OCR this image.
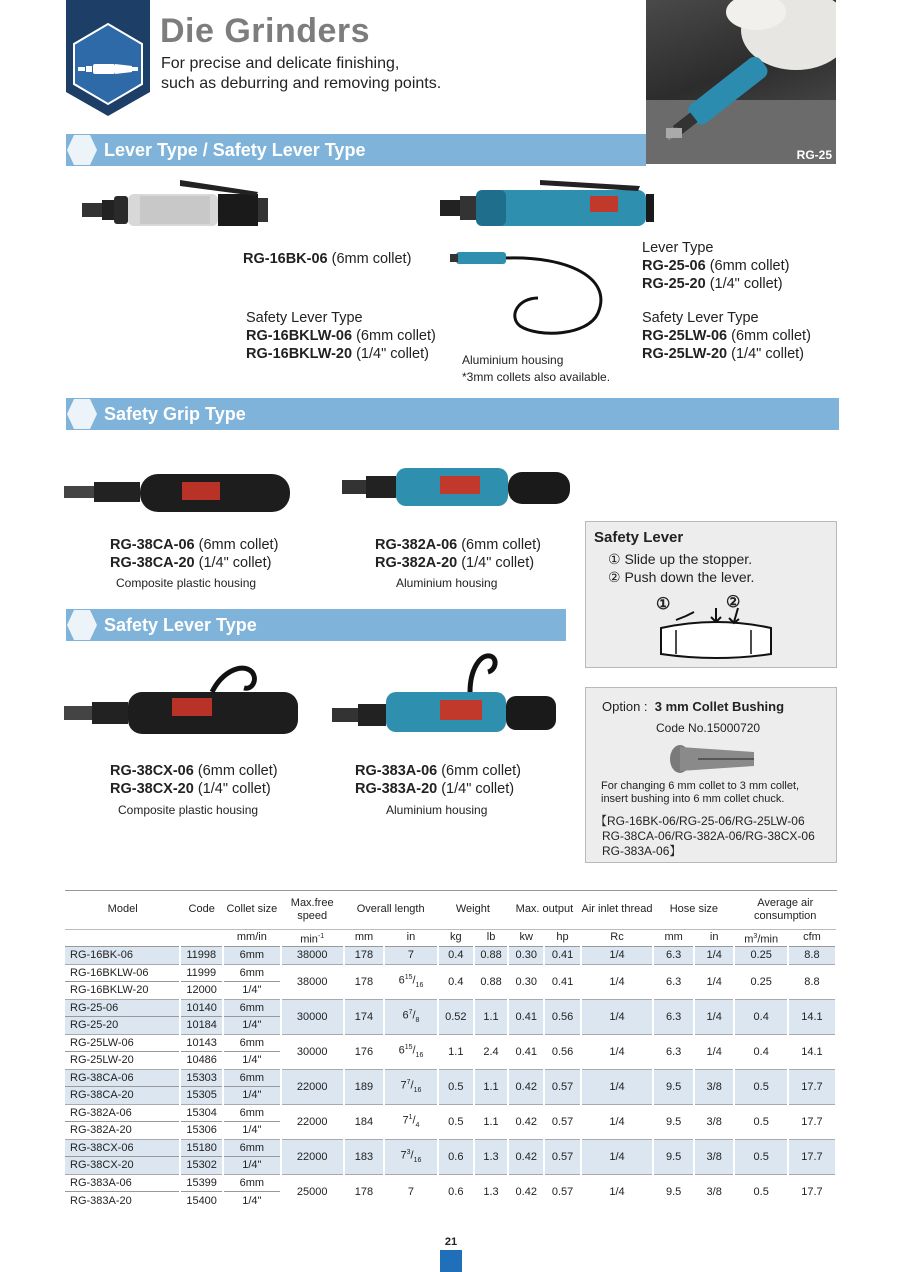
Die Grinders
For precise and delicate finishing,
such as deburring and removing points.
RG-25
Lever Type / Safety Lever Type
RG-16BK-06 (6mm collet)
Safety Lever Type
RG-16BKLW-06 (6mm collet)
RG-16BKLW-20 (1/4" collet)	Aluminium housing
*3mm collets also available.
Lever Type
RG-25-06 (6mm collet)
RG-25-20 (1/4" collet)
Safety Lever Type
RG-25LW-06 (6mm collet)
RG-25LW-20 (1/4" collet)
Safety Grip Type
RG-38CA-06 (6mm collet)
RG-38CA-20 (1/4" collet)
Composite plastic housing
RG-382A-06 (6mm collet)
RG-382A-20 (1/4" collet)
Aluminium housing
Safety Lever
① Slide up the stopper.
② Push down the lever.
①	②
Safety Lever Type
RG-38CX-06 (6mm collet)
RG-38CX-20 (1/4" collet)
Composite plastic housing
RG-383A-06 (6mm collet)
RG-383A-20 (1/4" collet)
Aluminium housing
Option : 3 mm Collet Bushing
Code No.15000720
For changing 6 mm collet to 3 mm collet,
insert bushing into 6 mm collet chuck.
【RG-16BK-06/RG-25-06/RG-25LW-06
RG-38CA-06/RG-382A-06/RG-38CX-06
RG-383A-06】
Model	Code	Collet size	Max.free speed	Overall length		Weight		Max. output		Air inlet thread	Hose size		Average air consumption	
		mm/in	$\min^{-1}$	mm	in	kg	lb	kw	hp	Rc	mm	in	$m^3/\min$	cfm
RG-16BK-06	11998	6mm	38000	178	7	0.4	0.88	0.30	0.41	1/4	6.3	1/4	0.25	8.8
RG-16BKLW-06	11999	6mm	38000	178	$6^{15}/_{16}$	0.4	0.88	0.30	0.41	1/4	6.3	1/4	0.25	8.8
RG-16BKLW-20	12000	1/4"												
RG-25-06	10140	6mm	30000	174	$6^7/_8$	0.52	1.1	0.41	0.56	1/4	6.3	1/4	0.4	14.1
RG-25-20	10184	1/4"												
RG-25LW-06	10143	6mm	30000	176	$6^{15}/_{16}$	1.1	2.4	0.41	0.56	1/4	6.3	1/4	0.4	14.1
RG-25LW-20	10486	1/4"												
RG-38CA-06	15303	6mm	22000	189	$7^7/_{16}$	0.5	1.1	0.42	0.57	1/4	9.5	3/8	0.5	17.7
RG-38CA-20	15305	1/4"												
RG-382A-06	15304	6mm	22000	184	$7^1/_4$	0.5	1.1	0.42	0.57	1/4	9.5	3/8	0.5	17.7
RG-382A-20	15306	1/4"												
RG-38CX-06	15180	6mm	22000	183	$7^3/_{16}$	0.6	1.3	0.42	0.57	1/4	9.5	3/8	0.5	17.7
RG-38CX-20	15302	1/4"												
RG-383A-06	15399	6mm	25000	178	7	0.6	1.3	0.42	0.57	1/4	9.5	3/8	0.5	17.7
RG-383A-20	15400	1/4"												
21
